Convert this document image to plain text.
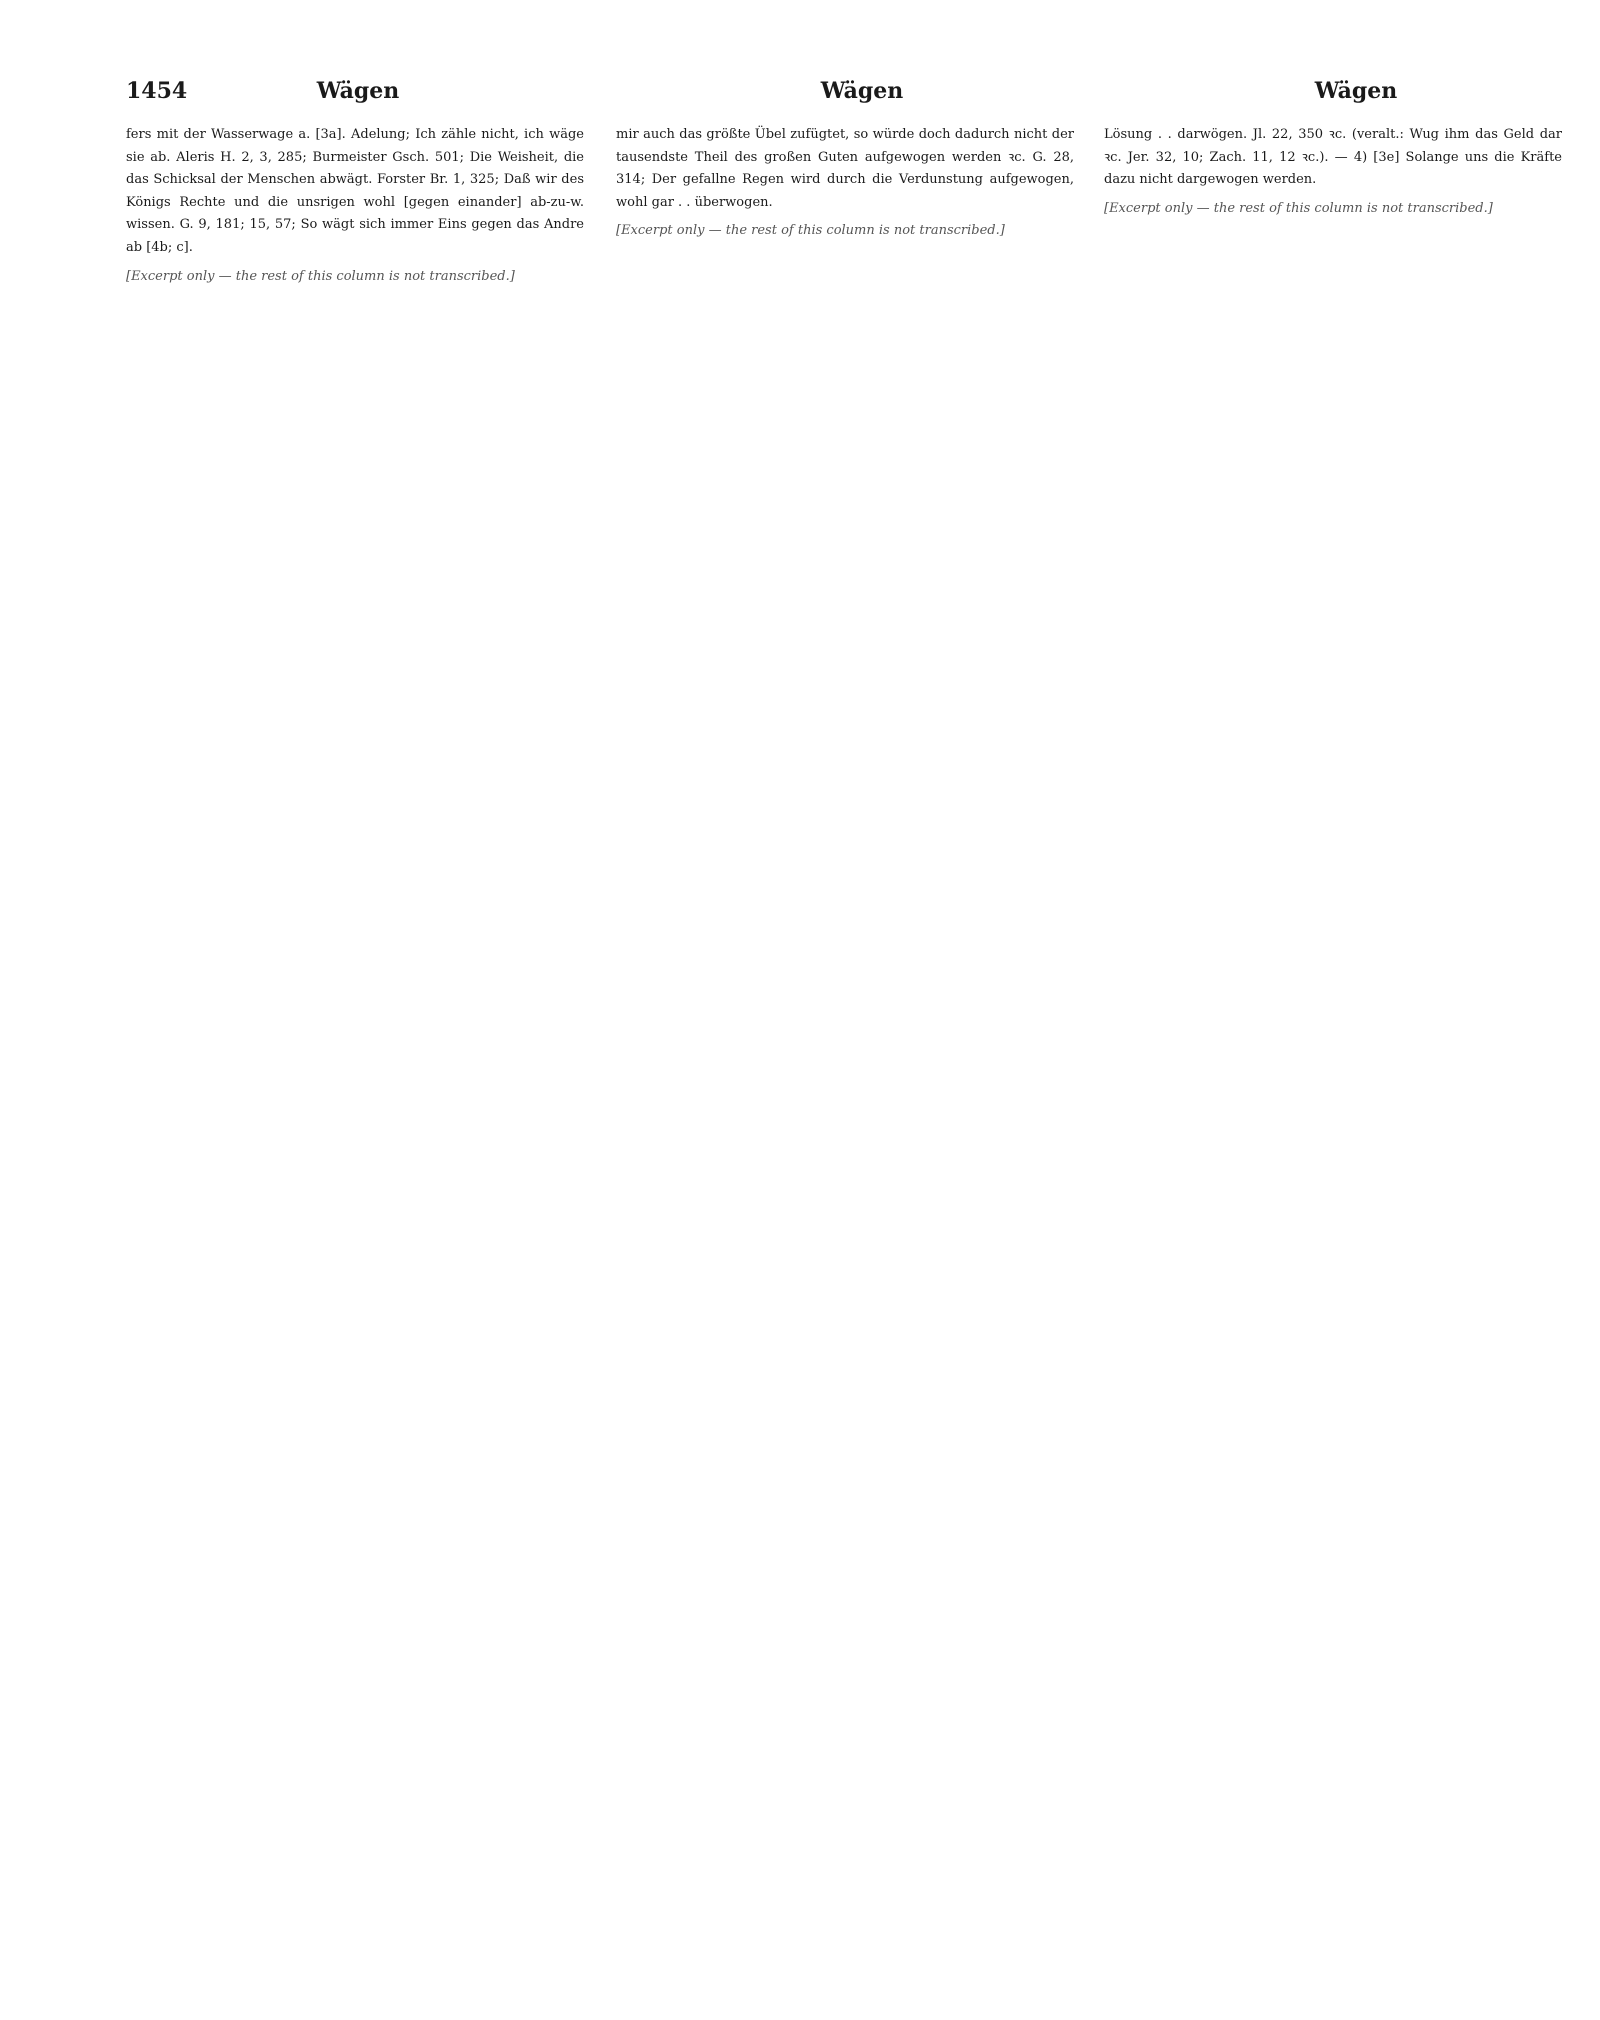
1454	Wägen	Wägen	Wägen

fers mit der Wasserwage a. [3a]. Adelung; Ich zähle nicht, ich wäge sie ab. Aleris H. 2, 3, 285; Burmeister Gsch. 501; Die Weisheit, die das Schicksal der Menschen abwägt. Forster Br. 1, 325; Daß wir des Königs Rechte und die unsrigen wohl [gegen einander] ab-zu-w. wissen. G. 9, 181; 15, 57; So wägt sich immer Eins gegen das Andre ab [4b; c].

[Excerpt only — the rest of this column is not transcribed.]

mir auch das größte Übel zufügtet, so würde doch dadurch nicht der tausendste Theil des großen Guten aufgewogen werden ꝛc. G. 28, 314; Der gefallne Regen wird durch die Verdunstung aufgewogen, wohl gar . . überwogen.

[Excerpt only — the rest of this column is not transcribed.]

Lösung . . darwögen. Jl. 22, 350 ꝛc. (veralt.: Wug ihm das Geld dar ꝛc. Jer. 32, 10; Zach. 11, 12 ꝛc.). — 4) [3e] Solange uns die Kräfte dazu nicht dargewogen werden.

[Excerpt only — the rest of this column is not transcribed.]
